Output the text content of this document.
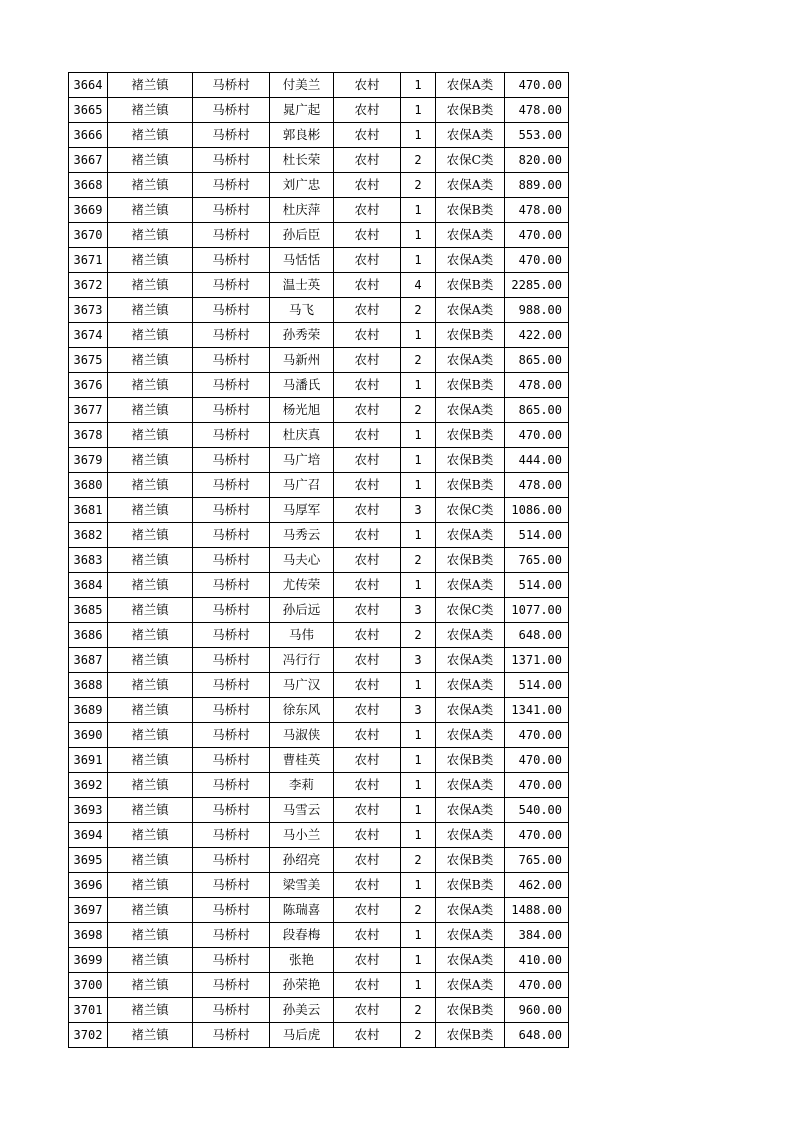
3664	褚兰镇	马桥村	付美兰	农村	1	农保A类	470.00
3665	褚兰镇	马桥村	晁广起	农村	1	农保B类	478.00
3666	褚兰镇	马桥村	郭良彬	农村	1	农保A类	553.00
3667	褚兰镇	马桥村	杜长荣	农村	2	农保C类	820.00
3668	褚兰镇	马桥村	刘广忠	农村	2	农保A类	889.00
3669	褚兰镇	马桥村	杜庆萍	农村	1	农保B类	478.00
3670	褚兰镇	马桥村	孙后臣	农村	1	农保A类	470.00
3671	褚兰镇	马桥村	马恬恬	农村	1	农保A类	470.00
3672	褚兰镇	马桥村	温士英	农村	4	农保B类	2285.00
3673	褚兰镇	马桥村	马飞	农村	2	农保A类	988.00
3674	褚兰镇	马桥村	孙秀荣	农村	1	农保B类	422.00
3675	褚兰镇	马桥村	马新州	农村	2	农保A类	865.00
3676	褚兰镇	马桥村	马潘氏	农村	1	农保B类	478.00
3677	褚兰镇	马桥村	杨光旭	农村	2	农保A类	865.00
3678	褚兰镇	马桥村	杜庆真	农村	1	农保B类	470.00
3679	褚兰镇	马桥村	马广培	农村	1	农保B类	444.00
3680	褚兰镇	马桥村	马广召	农村	1	农保B类	478.00
3681	褚兰镇	马桥村	马厚军	农村	3	农保C类	1086.00
3682	褚兰镇	马桥村	马秀云	农村	1	农保A类	514.00
3683	褚兰镇	马桥村	马夫心	农村	2	农保B类	765.00
3684	褚兰镇	马桥村	尤传荣	农村	1	农保A类	514.00
3685	褚兰镇	马桥村	孙后远	农村	3	农保C类	1077.00
3686	褚兰镇	马桥村	马伟	农村	2	农保A类	648.00
3687	褚兰镇	马桥村	冯行行	农村	3	农保A类	1371.00
3688	褚兰镇	马桥村	马广汉	农村	1	农保A类	514.00
3689	褚兰镇	马桥村	徐东风	农村	3	农保A类	1341.00
3690	褚兰镇	马桥村	马淑侠	农村	1	农保A类	470.00
3691	褚兰镇	马桥村	曹桂英	农村	1	农保B类	470.00
3692	褚兰镇	马桥村	李莉	农村	1	农保A类	470.00
3693	褚兰镇	马桥村	马雪云	农村	1	农保A类	540.00
3694	褚兰镇	马桥村	马小兰	农村	1	农保A类	470.00
3695	褚兰镇	马桥村	孙绍亮	农村	2	农保B类	765.00
3696	褚兰镇	马桥村	梁雪美	农村	1	农保B类	462.00
3697	褚兰镇	马桥村	陈瑞喜	农村	2	农保A类	1488.00
3698	褚兰镇	马桥村	段春梅	农村	1	农保A类	384.00
3699	褚兰镇	马桥村	张艳	农村	1	农保A类	410.00
3700	褚兰镇	马桥村	孙荣艳	农村	1	农保A类	470.00
3701	褚兰镇	马桥村	孙美云	农村	2	农保B类	960.00
3702	褚兰镇	马桥村	马后虎	农村	2	农保B类	648.00
